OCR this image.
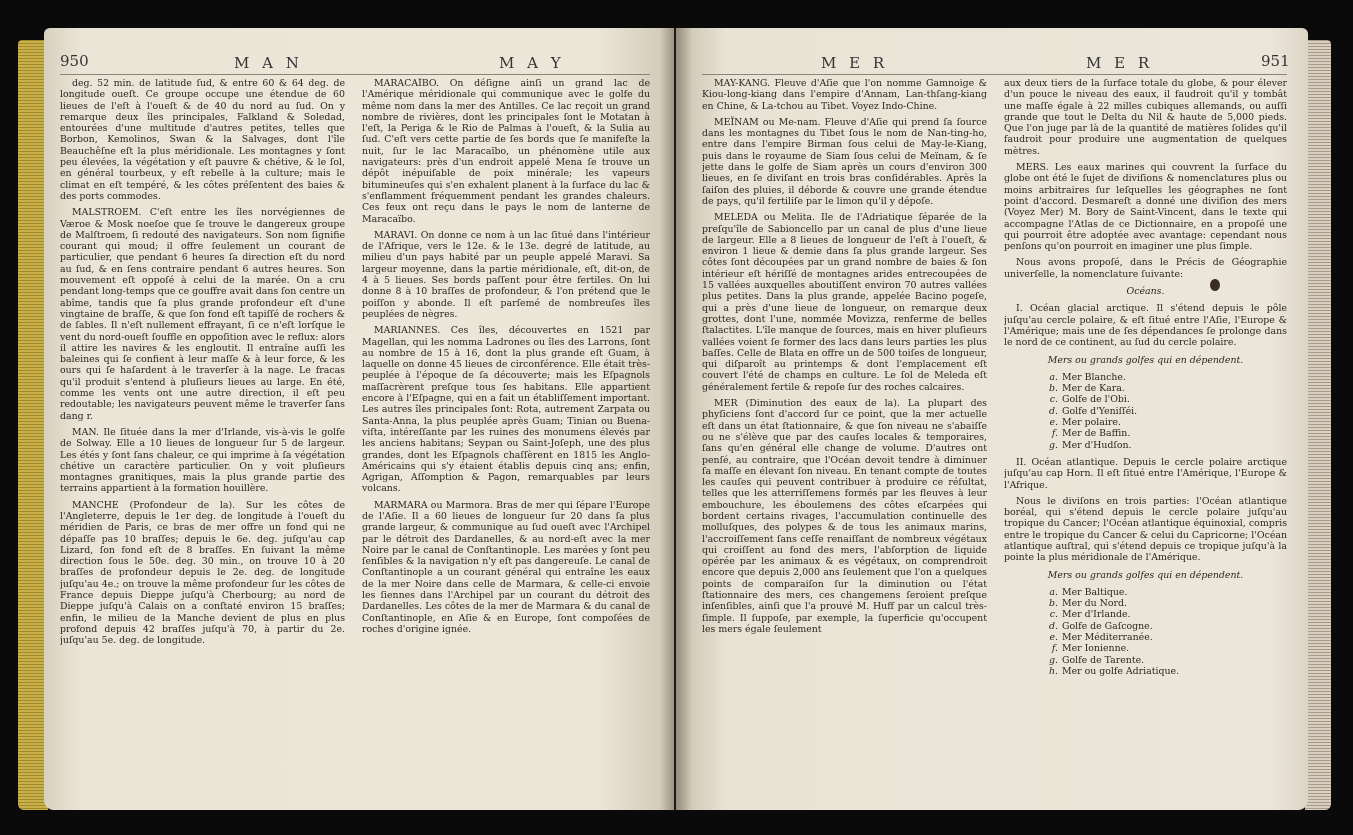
950	M A N	M A Y

deg. 52 min. de latitude ſud, & entre 60 & 64 deg. de longitude oueſt. Ce groupe occupe une étendue de 60 lieues de l'eſt à l'oueſt & de 40 du nord au ſud. On y remarque deux îles principales, Falkland & Soledad, entourées d'une multitude d'autres petites, telles que Borbon, Kemolinos, Swan & la Salvages, dont l'île Beauchêſne eſt la plus méridionale. Les montagnes y ſont peu élevées, la végétation y eſt pauvre & chétive, & le ſol, en général tourbeux, y eſt rebelle à la culture; mais le climat en eſt tempéré, & les côtes préſentent des baies & des ports commodes.

MALSTROEM. C'eſt entre les îles norvégiennes de Væroe & Mosk noeſoe que ſe trouve le dangereux groupe de Malſtroem, ſi redouté des navigateurs. Son nom ſignifie courant qui moud; il offre ſeulement un courant de particulier, que pendant 6 heures ſa direction eſt du nord au ſud, & en ſens contraire pendant 6 autres heures. Son mouvement eſt oppoſé à celui de la marée. On a cru pendant long-temps que ce gouffre avait dans ſon centre un abîme, tandis que ſa plus grande profondeur eſt d'une vingtaine de braſſe, & que ſon fond eſt tapiſſé de rochers & de ſables. Il n'eſt nullement effrayant, ſi ce n'eſt lorſque le vent du nord-oueſt ſouffle en oppoſition avec le reflux: alors il attire les navires & les engloutit. Il entraîne auſſi les baleines qui ſe confient à leur maſſe & à leur force, & les ours qui ſe haſardent à le traverſer à la nage. Le fracas qu'il produit s'entend à pluſieurs lieues au large. En été, comme les vents ont une autre direction, il eſt peu redoutable; les navigateurs peuvent même le traverſer ſans dang r.

MAN. Ile ſituée dans la mer d'Irlande, vis-à-vis le golfe de Solway. Elle a 10 lieues de longueur ſur 5 de largeur. Les étés y ſont ſans chaleur, ce qui imprime à ſa végétation chétive un caractère particulier. On y voit pluſieurs montagnes granitiques, mais la plus grande partie des terrains appartient à la formation houillère.

MANCHE (Profondeur de la). Sur les côtes de l'Angleterre, depuis le 1er deg. de longitude à l'oueſt du méridien de Paris, ce bras de mer offre un fond qui ne dépaſſe pas 10 braſſes; depuis le 6e. deg. juſqu'au cap Lizard, ſon fond eſt de 8 braſſes. En ſuivant la même direction ſous le 50e. deg. 30 min., on trouve 10 à 20 braſſes de profondeur depuis le 2e. deg. de longitude juſqu'au 4e.; on trouve la même profondeur ſur les côtes de France depuis Dieppe juſqu'à Cherbourg; au nord de Dieppe juſqu'à Calais on a conſtaté environ 15 braſſes; enfin, le milieu de la Manche devient de plus en plus profond depuis 42 braſſes juſqu'à 70, à partir du 2e. juſqu'au 5e. deg. de longitude.

MARACAÏBO. On déſigne ainſi un grand lac de l'Amérique méridionale qui communique avec le golfe du même nom dans la mer des Antilles. Ce lac reçoit un grand nombre de rivières, dont les principales ſont le Motatan à l'eſt, la Periga & le Rio de Palmas à l'oueſt, & la Sulia au ſud. C'eſt vers cette partie de ſes bords que ſe manifeſte la nuit, ſur le lac Maracaïbo, un phénomène utile aux navigateurs: près d'un endroit appelé Mena ſe trouve un dépôt inépuiſable de poix minérale; les vapeurs bitumineuſes qui s'en exhalent planent à la ſurface du lac & s'enflamment fréquemment pendant les grandes chaleurs. Ces feux ont reçu dans le pays le nom de lanterne de Maracaïbo.

MARAVI. On donne ce nom à un lac ſitué dans l'intérieur de l'Afrique, vers le 12e. & le 13e. degré de latitude, au milieu d'un pays habité par un peuple appelé Maravi. Sa largeur moyenne, dans la partie méridionale, eſt, dit-on, de 4 à 5 lieues. Ses bords paſſent pour être fertiles. On lui donne 8 à 10 braſſes de profondeur, & l'on prétend que le poiſſon y abonde. Il eſt parſemé de nombreuſes îles peuplées de nègres.

MARIANNES. Ces îles, découvertes en 1521 par Magellan, qui les nomma Ladrones ou îles des Larrons, ſont au nombre de 15 à 16, dont la plus grande eſt Guam, à laquelle on donne 45 lieues de circonférence. Elle était très-peuplée à l'époque de ſa découverte; mais les Eſpagnols maſſacrèrent preſque tous ſes habitans. Elle appartient encore à l'Eſpagne, qui en a fait un établiſſement important. Les autres îles principales ſont: Rota, autrement Zarpata ou Santa-Anna, la plus peuplée après Guam; Tinian ou Buena-viſta, intéreſſante par les ruines des monumens élevés par les anciens habitans; Seypan ou Saint-Joſeph, une des plus grandes, dont les Eſpagnols chaſſèrent en 1815 les Anglo-Américains qui s'y étaient établis depuis cinq ans; enfin, Agrigan, Aſſomption & Pagon, remarquables par leurs volcans.

MARMARA ou Marmora. Bras de mer qui ſépare l'Europe de l'Aſie. Il a 60 lieues de longueur ſur 20 dans ſa plus grande largeur, & communique au ſud oueſt avec l'Archipel par le détroit des Dardanelles, & au nord-eſt avec la mer Noire par le canal de Conſtantinople. Les marées y ſont peu ſenſibles & la navigation n'y eſt pas dangereuſe. Le canal de Conſtantinople a un courant général qui entraîne les eaux de la mer Noire dans celle de Marmara, & celle-ci envoie les ſiennes dans l'Archipel par un courant du détroit des Dardanelles. Les côtes de la mer de Marmara & du canal de Conſtantinople, en Aſie & en Europe, ſont compoſées de roches d'origine ignée.

M E R	M E R	951

MAY-KANG. Fleuve d'Aſie que l'on nomme Gamnoige & Kiou-long-kiang dans l'empire d'Annam, Lan-thſang-kiang en Chine, & La-tchou au Tibet. Voyez Indo-Chine.

MEÏNAM ou Me-nam. Fleuve d'Aſie qui prend ſa ſource dans les montagnes du Tibet ſous le nom de Nan-ting-ho, entre dans l'empire Birman ſous celui de May-le-Kiang, puis dans le royaume de Siam ſous celui de Meïnam, & ſe jette dans le golfe de Siam après un cours d'environ 300 lieues, en ſe diviſant en trois bras conſidérables. Après la ſaiſon des pluies, il déborde & couvre une grande étendue de pays, qu'il fertiliſe par le limon qu'il y dépoſe.

MELEDA ou Melita. Ile de l'Adriatique ſéparée de la preſqu'île de Sabioncello par un canal de plus d'une lieue de largeur. Elle a 8 lieues de longueur de l'eſt à l'oueſt, & environ 1 lieue & demie dans ſa plus grande largeur. Ses côtes ſont découpées par un grand nombre de baies & ſon intérieur eſt hériſſé de montagnes arides entrecoupées de 15 vallées auxquelles aboutiſſent environ 70 autres vallées plus petites. Dans la plus grande, appelée Bacino pogeſe, qui a près d'une lieue de longueur, on remarque deux grottes, dont l'une, nommée Movizza, renferme de belles ſtalactites. L'île manque de ſources, mais en hiver pluſieurs vallées voient ſe former des lacs dans leurs parties les plus baſſes. Celle de Blata en offre un de 500 toiſes de longueur, qui diſparoît au printemps & dont l'emplacement eſt couvert l'été de champs en culture. Le ſol de Meleda eſt généralement fertile & repoſe ſur des roches calcaires.

MER (Diminution des eaux de la). La plupart des phyſiciens ſont d'accord ſur ce point, que la mer actuelle eſt dans un état ſtationnaire, & que ſon niveau ne s'abaiſſe ou ne s'élève que par des cauſes locales & temporaires, ſans qu'en général elle change de volume. D'autres ont penſé, au contraire, que l'Océan devoit tendre à diminuer ſa maſſe en élevant ſon niveau. En tenant compte de toutes les cauſes qui peuvent contribuer à produire ce réſultat, telles que les atterriſſemens formés par les fleuves à leur embouchure, les éboulemens des côtes eſcarpées qui bordent certains rivages, l'accumulation continuelle des molluſques, des polypes & de tous les animaux marins, l'accroiſſement ſans ceſſe renaiſſant de nombreux végétaux qui croiſſent au fond des mers, l'abſorption de liquide opérée par les animaux & es végétaux, on comprendroit encore que depuis 2,000 ans ſeulement que l'on a quelques points de comparaiſon ſur la diminution ou l'état ſtationnaire des mers, ces changemens ſeroient preſque inſenſibles, ainſi que l'a prouvé M. Huff par un calcul très-ſimple. Il ſuppoſe, par exemple, la ſuperficie qu'occupent les mers égale ſeulement

aux deux tiers de la ſurface totale du globe, & pour élever d'un pouce le niveau des eaux, il faudroit qu'il y tombât une maſſe égale à 22 milles cubiques allemands, ou auſſi grande que tout le Delta du Nil & haute de 5,000 pieds. Que l'on juge par là de la quantité de matières ſolides qu'il faudroit pour produire une augmentation de quelques mètres.

MERS. Les eaux marines qui couvrent la ſurface du globe ont été le ſujet de diviſions & nomenclatures plus ou moins arbitraires ſur leſquelles les géographes ne ſont point d'accord. Desmareſt a donné une diviſion des mers (Voyez Mer) M. Bory de Saint-Vincent, dans le texte qui accompagne l'Atlas de ce Dictionnaire, en a propoſé une qui pourroit être adoptée avec avantage: cependant nous penſons qu'on pourroit en imaginer une plus ſimple.

Nous avons propoſé, dans le Précis de Géographie univerſelle, la nomenclature ſuivante:

Océans.

I. Océan glacial arctique. Il s'étend depuis le pôle juſqu'au cercle polaire, & eſt ſitué entre l'Aſie, l'Europe & l'Amérique; mais une de ſes dépendances ſe prolonge dans le nord de ce continent, au ſud du cercle polaire.

Mers ou grands golfes qui en dépendent.

a. Mer Blanche.

b. Mer de Kara.

c. Golfe de l'Obi.

d. Golfe d'Yeniſſéi.

e. Mer polaire.

f. Mer de Baffin.

g. Mer d'Hudſon.

II. Océan atlantique. Depuis le cercle polaire arctique juſqu'au cap Horn. Il eſt ſitué entre l'Amérique, l'Europe & l'Afrique.

Nous le diviſons en trois parties: l'Océan atlantique boréal, qui s'étend depuis le cercle polaire juſqu'au tropique du Cancer; l'Océan atlantique équinoxial, compris entre le tropique du Cancer & celui du Capricorne; l'Océan atlantique auſtral, qui s'étend depuis ce tropique juſqu'à la pointe la plus méridionale de l'Amérique.

Mers ou grands golfes qui en dépendent.

a. Mer Baltique.

b. Mer du Nord.

c. Mer d'Irlande.

d. Golfe de Gaſcogne.

e. Mer Méditerranée.

f. Mer Ionienne.

g. Golfe de Tarente.

h. Mer ou golfe Adriatique.
